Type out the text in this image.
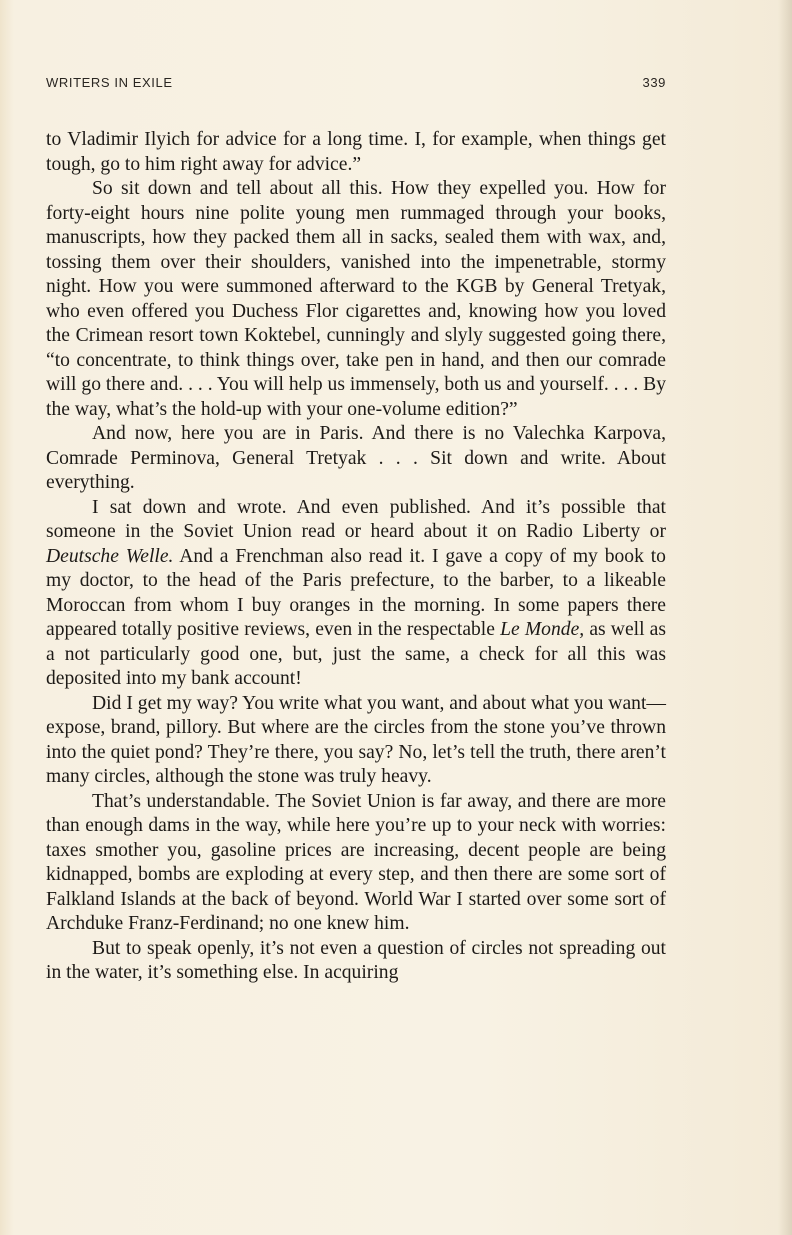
WRITERS IN EXILE	339

to Vladimir Ilyich for advice for a long time. I, for example, when things get tough, go to him right away for advice.”

So sit down and tell about all this. How they expelled you. How for forty-eight hours nine polite young men rummaged through your books, manuscripts, how they packed them all in sacks, sealed them with wax, and, tossing them over their shoulders, vanished into the impenetrable, stormy night. How you were summoned afterward to the KGB by General Tretyak, who even offered you Duchess Flor cigarettes and, knowing how you loved the Crimean resort town Koktebel, cunningly and slyly suggested going there, “to concentrate, to think things over, take pen in hand, and then our comrade will go there and. . . . You will help us immensely, both us and yourself. . . . By the way, what’s the hold-up with your one-volume edition?”

And now, here you are in Paris. And there is no Valechka Karpova, Comrade Perminova, General Tretyak . . . Sit down and write. About everything.

I sat down and wrote. And even published. And it’s possible that someone in the Soviet Union read or heard about it on Radio Liberty or Deutsche Welle. And a Frenchman also read it. I gave a copy of my book to my doctor, to the head of the Paris prefecture, to the barber, to a likeable Moroccan from whom I buy oranges in the morning. In some papers there appeared totally positive reviews, even in the respectable Le Monde, as well as a not particularly good one, but, just the same, a check for all this was deposited into my bank account!

Did I get my way? You write what you want, and about what you want—expose, brand, pillory. But where are the circles from the stone you’ve thrown into the quiet pond? They’re there, you say? No, let’s tell the truth, there aren’t many circles, although the stone was truly heavy.

That’s understandable. The Soviet Union is far away, and there are more than enough dams in the way, while here you’re up to your neck with worries: taxes smother you, gasoline prices are increasing, decent people are being kidnapped, bombs are exploding at every step, and then there are some sort of Falkland Islands at the back of beyond. World War I started over some sort of Archduke Franz-Ferdinand; no one knew him.

But to speak openly, it’s not even a question of circles not spreading out in the water, it’s something else. In acquiring
